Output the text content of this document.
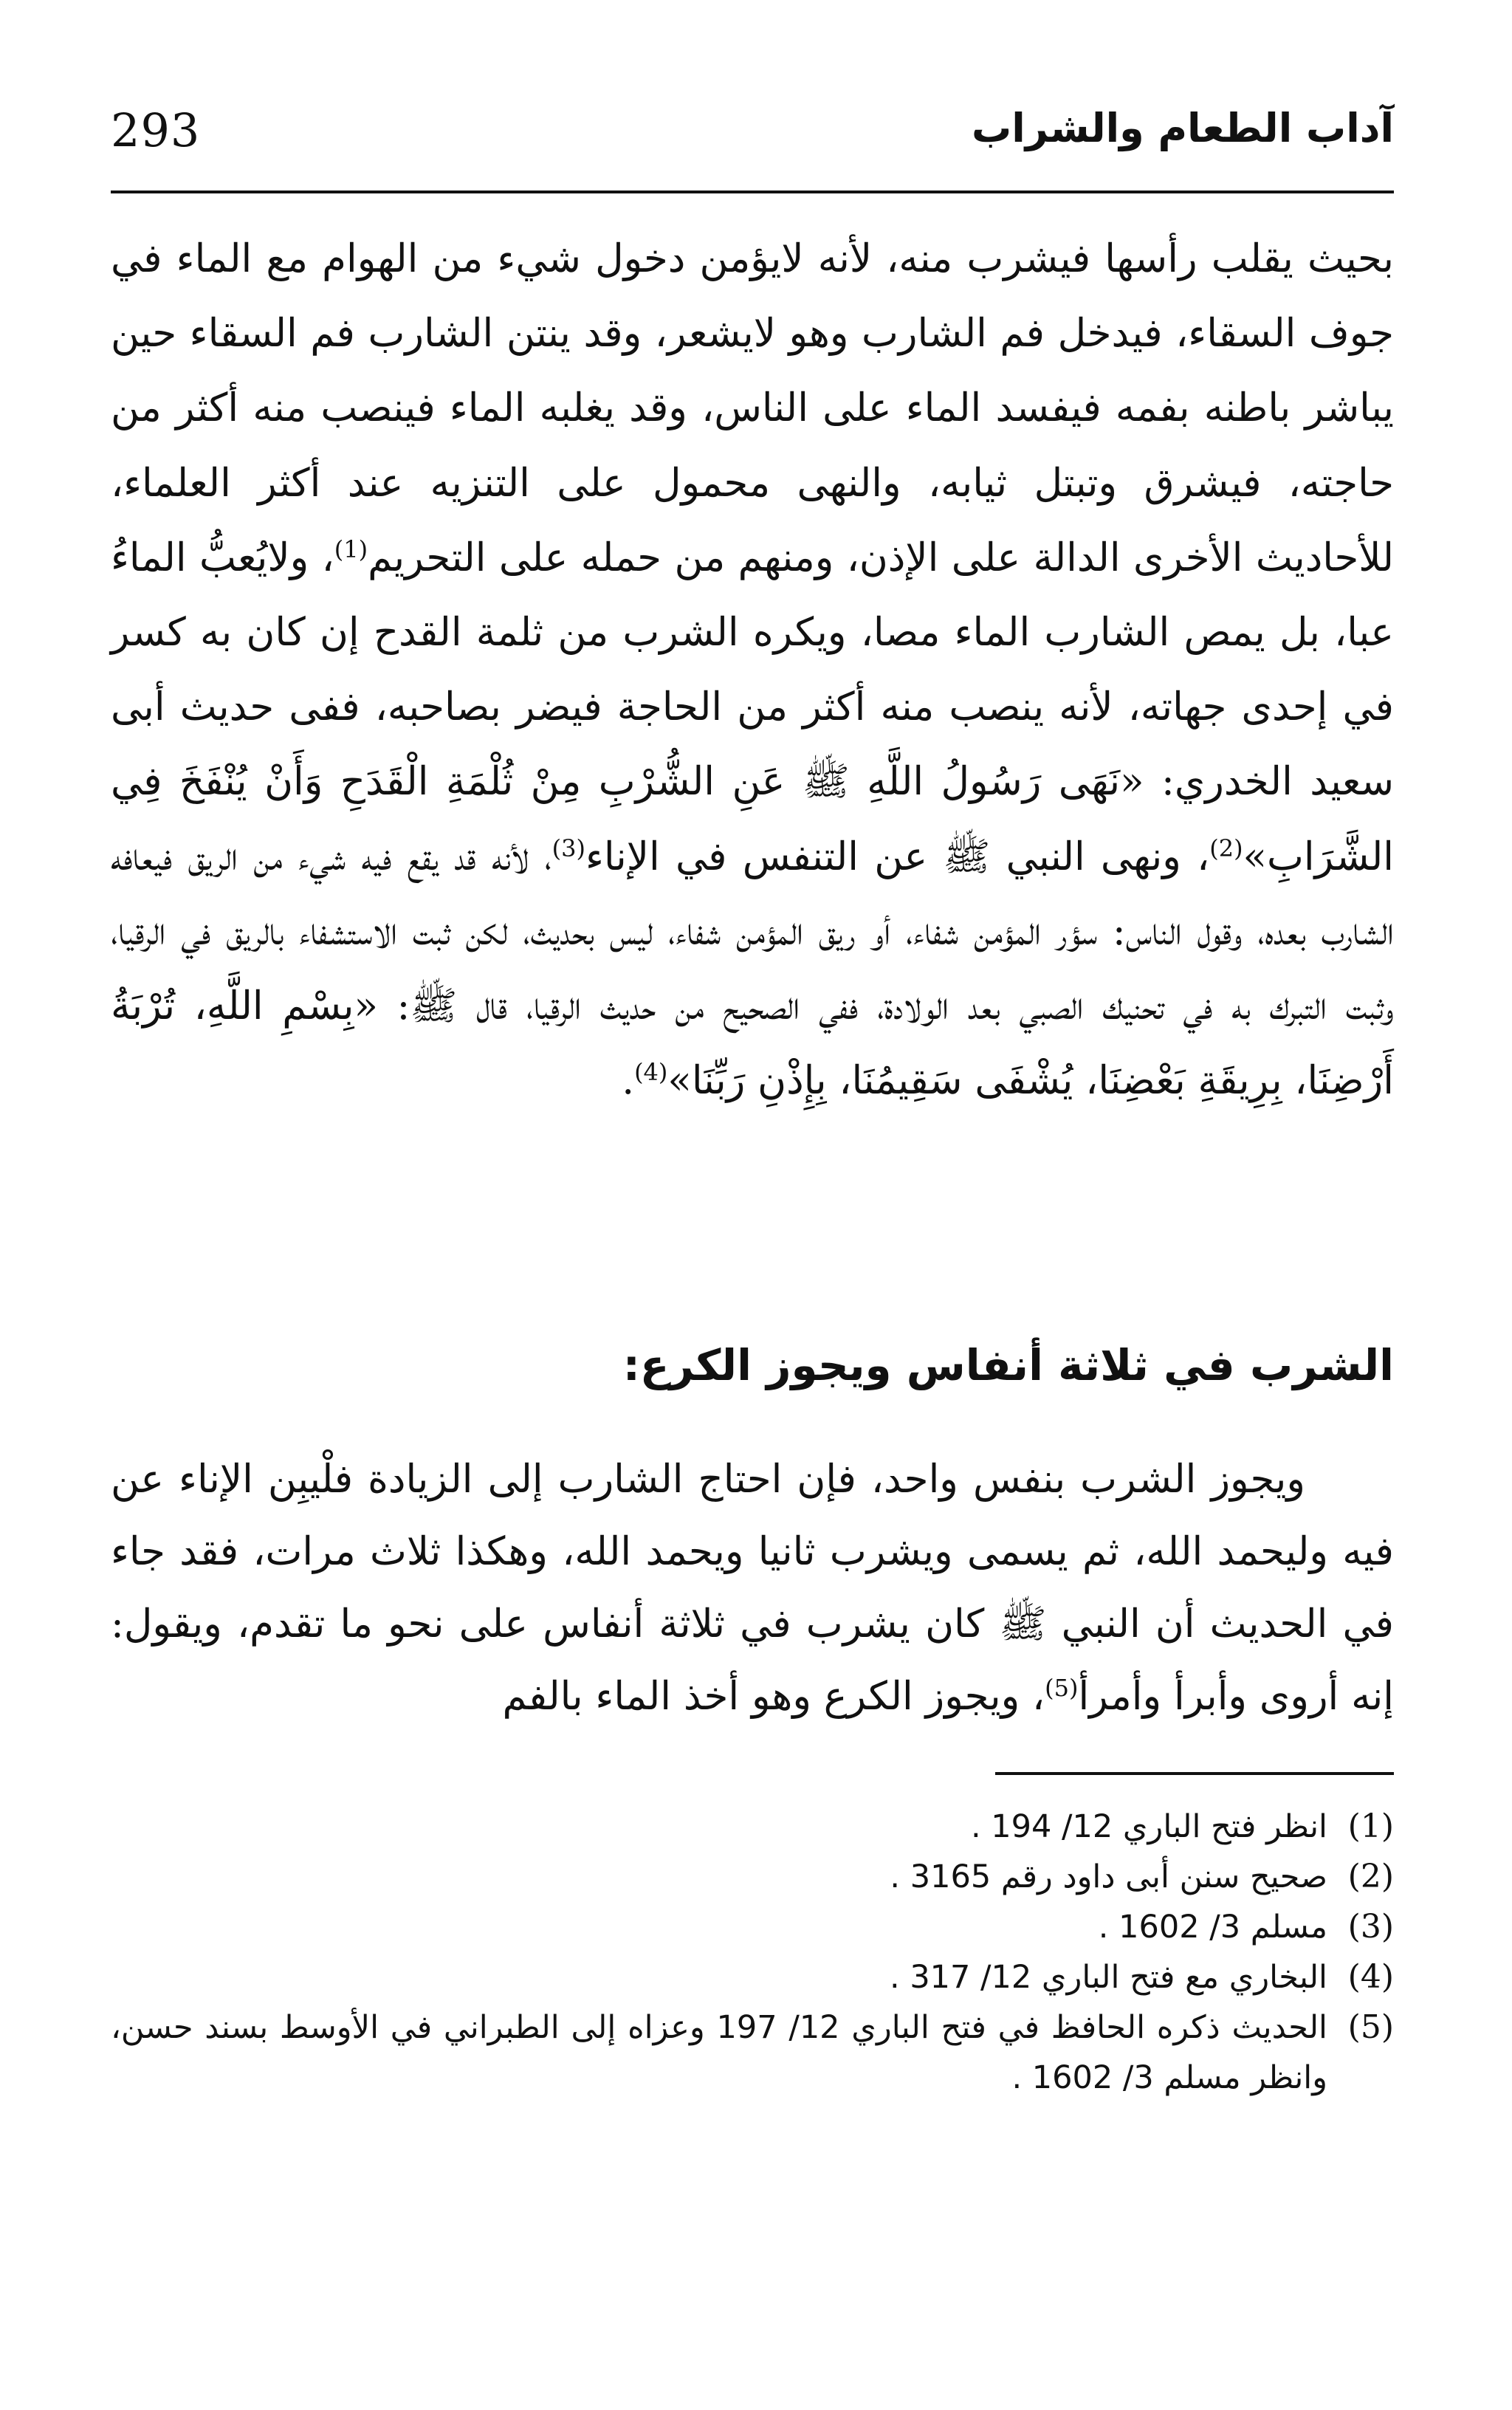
293	آداب الطعام والشراب

بحيث يقلب رأسها فيشرب منه، لأنه لايؤمن دخول شيء من الهوام مع الماء في جوف السقاء، فيدخل فم الشارب وهو لايشعر، وقد ينتن الشارب فم السقاء حين يباشر باطنه بفمه فيفسد الماء على الناس، وقد يغلبه الماء فينصب منه أكثر من حاجته، فيشرق وتبتل ثيابه، والنهى محمول على التنزيه عند أكثر العلماء، للأحاديث الأخرى الدالة على الإذن، ومنهم من حمله على التحريم$^{(1)}$، ولايُعبُّ الماءُ عبا، بل يمص الشارب الماء مصا، ويكره الشرب من ثلمة القدح إن كان به كسر في إحدى جهاته، لأنه ينصب منه أكثر من الحاجة فيضر بصاحبه، ففى حديث أبى سعيد الخدري: «نَهَى رَسُولُ اللَّهِ ﷺ عَنِ الشُّرْبِ مِنْ ثُلْمَةِ الْقَدَحِ وَأَنْ يُنْفَخَ فِي الشَّرَابِ»$^{(2)}$، ونهى النبي ﷺ عن التنفس في الإناء$^{(3)}$، لأنه قد يقع فيه شيء من الريق فيعافه الشارب بعده، وقول الناس: سؤر المؤمن شفاء، أو ريق المؤمن شفاء، ليس بحديث، لكن ثبت الاستشفاء بالريق في الرقيا، وثبت التبرك به في تحنيك الصبي بعد الولادة، ففي الصحيح من حديث الرقيا، قال ﷺ: «بِسْمِ اللَّهِ، تُرْبَةُ أَرْضِنَا، بِرِيقَةِ بَعْضِنَا، يُشْفَى سَقِيمُنَا، بِإِذْنِ رَبِّنَا»$^{(4)}$.

الشرب في ثلاثة أنفاس ويجوز الكرع:

ويجوز الشرب بنفس واحد، فإن احتاج الشارب إلى الزيادة فلْيبِن الإناء عن فيه وليحمد الله، ثم يسمى ويشرب ثانيا ويحمد الله، وهكذا ثلاث مرات، فقد جاء في الحديث أن النبي ﷺ كان يشرب في ثلاثة أنفاس على نحو ما تقدم، ويقول: إنه أروى وأبرأ وأمرأ$^{(5)}$، ويجوز الكرع وهو أخذ الماء بالفم

(1)
انظر فتح الباري 12/ 194 .
(2)
صحيح سنن أبى داود رقم 3165 .
(3)
مسلم 3/ 1602 .
(4)
البخاري مع فتح الباري 12/ 317 .
(5)
الحديث ذكره الحافظ في فتح الباري 12/ 197 وعزاه إلى الطبراني في الأوسط بسند حسن، وانظر مسلم 3/ 1602 .
